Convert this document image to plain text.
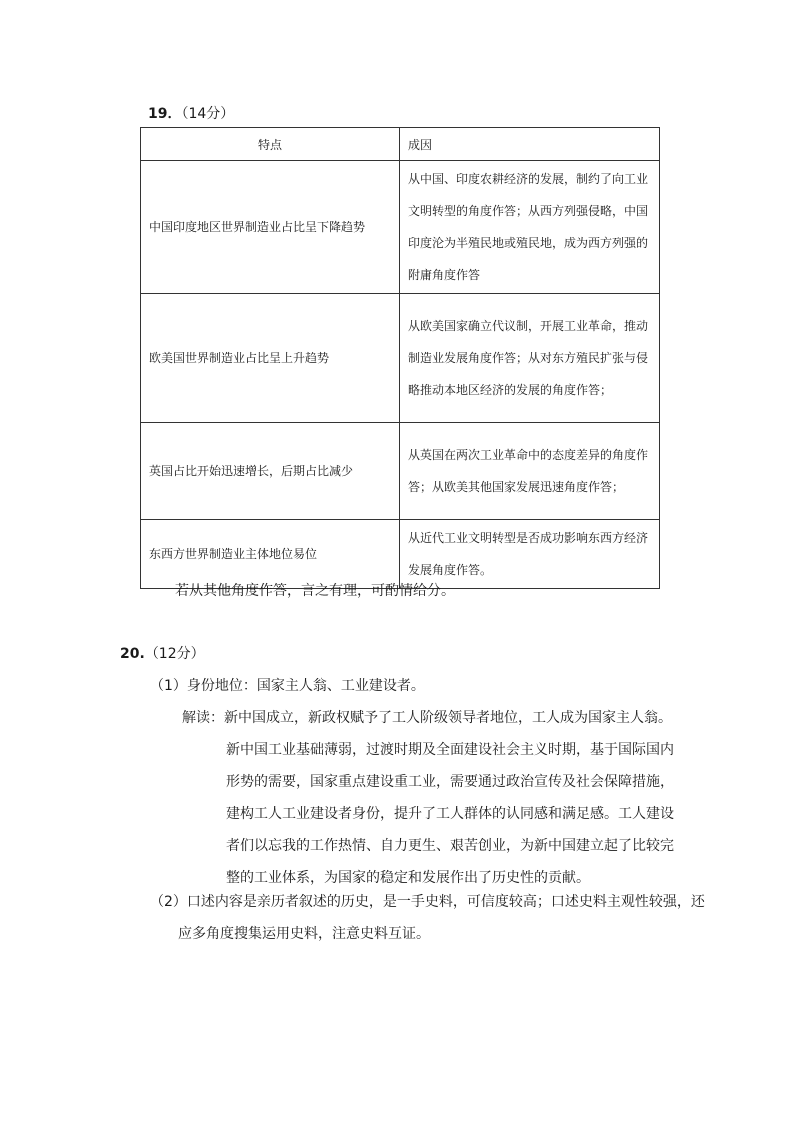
19．（14分）
特点	成因
中国印度地区世界制造业占比呈下降趋势	从中国、印度农耕经济的发展，制约了向工业文明转型的角度作答；从西方列强侵略，中国印度沦为半殖民地或殖民地，成为西方列强的附庸角度作答
欧美国世界制造业占比呈上升趋势	从欧美国家确立代议制，开展工业革命，推动制造业发展角度作答；从对东方殖民扩张与侵略推动本地区经济的发展的角度作答；
英国占比开始迅速增长，后期占比减少	从英国在两次工业革命中的态度差异的角度作答；从欧美其他国家发展迅速角度作答；
东西方世界制造业主体地位易位	从近代工业文明转型是否成功影响东西方经济发展角度作答。
若从其他角度作答，言之有理，可酌情给分。
20.（12分）
（1）身份地位：国家主人翁、工业建设者。
解读：新中国成立，新政权赋予了工人阶级领导者地位，工人成为国家主人翁。新中国工业基础薄弱，过渡时期及全面建设社会主义时期，基于国际国内形势的需要，国家重点建设重工业，需要通过政治宣传及社会保障措施，建构工人工业建设者身份，提升了工人群体的认同感和满足感。工人建设者们以忘我的工作热情、自力更生、艰苦创业，为新中国建立起了比较完整的工业体系，为国家的稳定和发展作出了历史性的贡献。
（2）口述内容是亲历者叙述的历史，是一手史料，可信度较高；口述史料主观性较强，还应多角度搜集运用史料，注意史料互证。
